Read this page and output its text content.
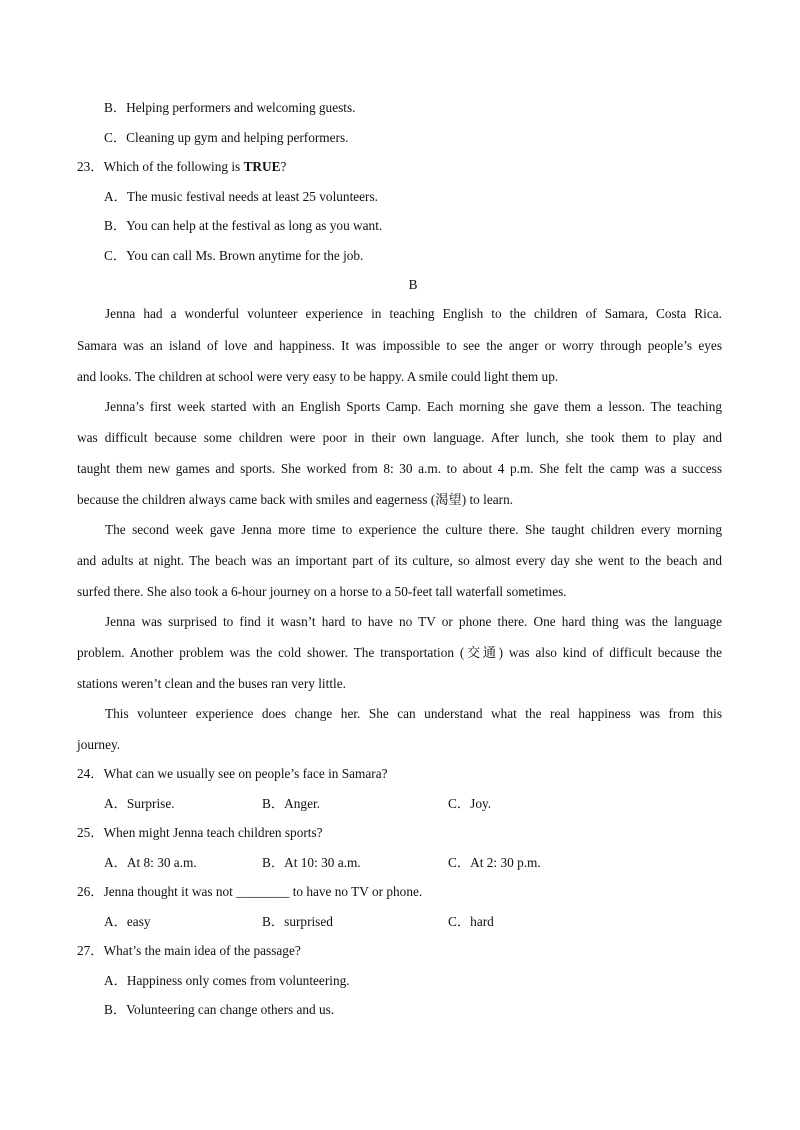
B．Helping performers and welcoming guests.
C．Cleaning up gym and helping performers.
23．Which of the following is TRUE?
A．The music festival needs at least 25 volunteers.
B．You can help at the festival as long as you want.
C．You can call Ms. Brown anytime for the job.
B
Jenna had a wonderful volunteer experience in teaching English to the children of Samara, Costa Rica.
Samara was an island of love and happiness. It was impossible to see the anger or worry through people’s eyes
and looks. The children at school were very easy to be happy. A smile could light them up.
Jenna’s first week started with an English Sports Camp. Each morning she gave them a lesson. The teaching
was difficult because some children were poor in their own language. After lunch, she took them to play and
taught them new games and sports. She worked from 8: 30 a.m. to about 4 p.m. She felt the camp was a success
because the children always came back with smiles and eagerness (渴望) to learn.
The second week gave Jenna more time to experience the culture there. She taught children every morning
and adults at night. The beach was an important part of its culture, so almost every day she went to the beach and
surfed there. She also took a 6-hour journey on a horse to a 50-feet tall waterfall sometimes.
Jenna was surprised to find it wasn’t hard to have no TV or phone there. One hard thing was the language
problem. Another problem was the cold shower. The transportation (交通) was also kind of difficult because the
stations weren’t clean and the buses ran very little.
This volunteer experience does change her. She can understand what the real happiness was from this
journey.
24．What can we usually see on people’s face in Samara?
A．Surprise.	B．Anger.	C．Joy.
25．When might Jenna teach children sports?
A．At 8: 30 a.m.	B．At 10: 30 a.m.	C．At 2: 30 p.m.
26．Jenna thought it was not ________ to have no TV or phone.
A．easy	B．surprised	C．hard
27．What’s the main idea of the passage?
A．Happiness only comes from volunteering.
B．Volunteering can change others and us.
